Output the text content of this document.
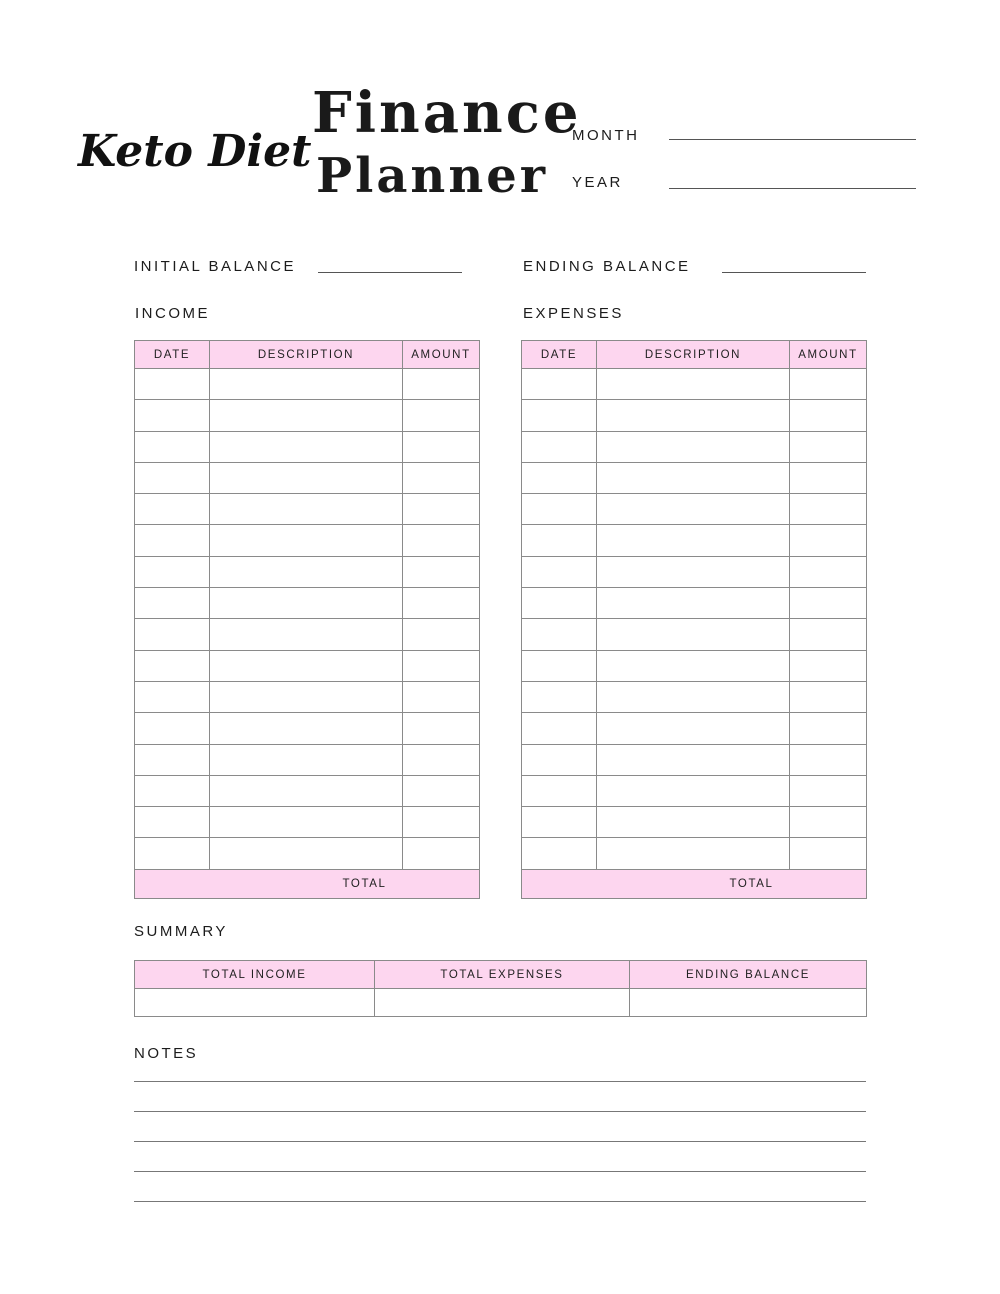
Keto Diet
Finance
Planner
MONTH
YEAR
INITIAL BALANCE	ENDING BALANCE
INCOME	EXPENSES
DATE	DESCRIPTION	AMOUNT

TOTAL		
DATE	DESCRIPTION	AMOUNT

TOTAL		
SUMMARY
TOTAL INCOME	TOTAL EXPENSES	ENDING BALANCE

NOTES
